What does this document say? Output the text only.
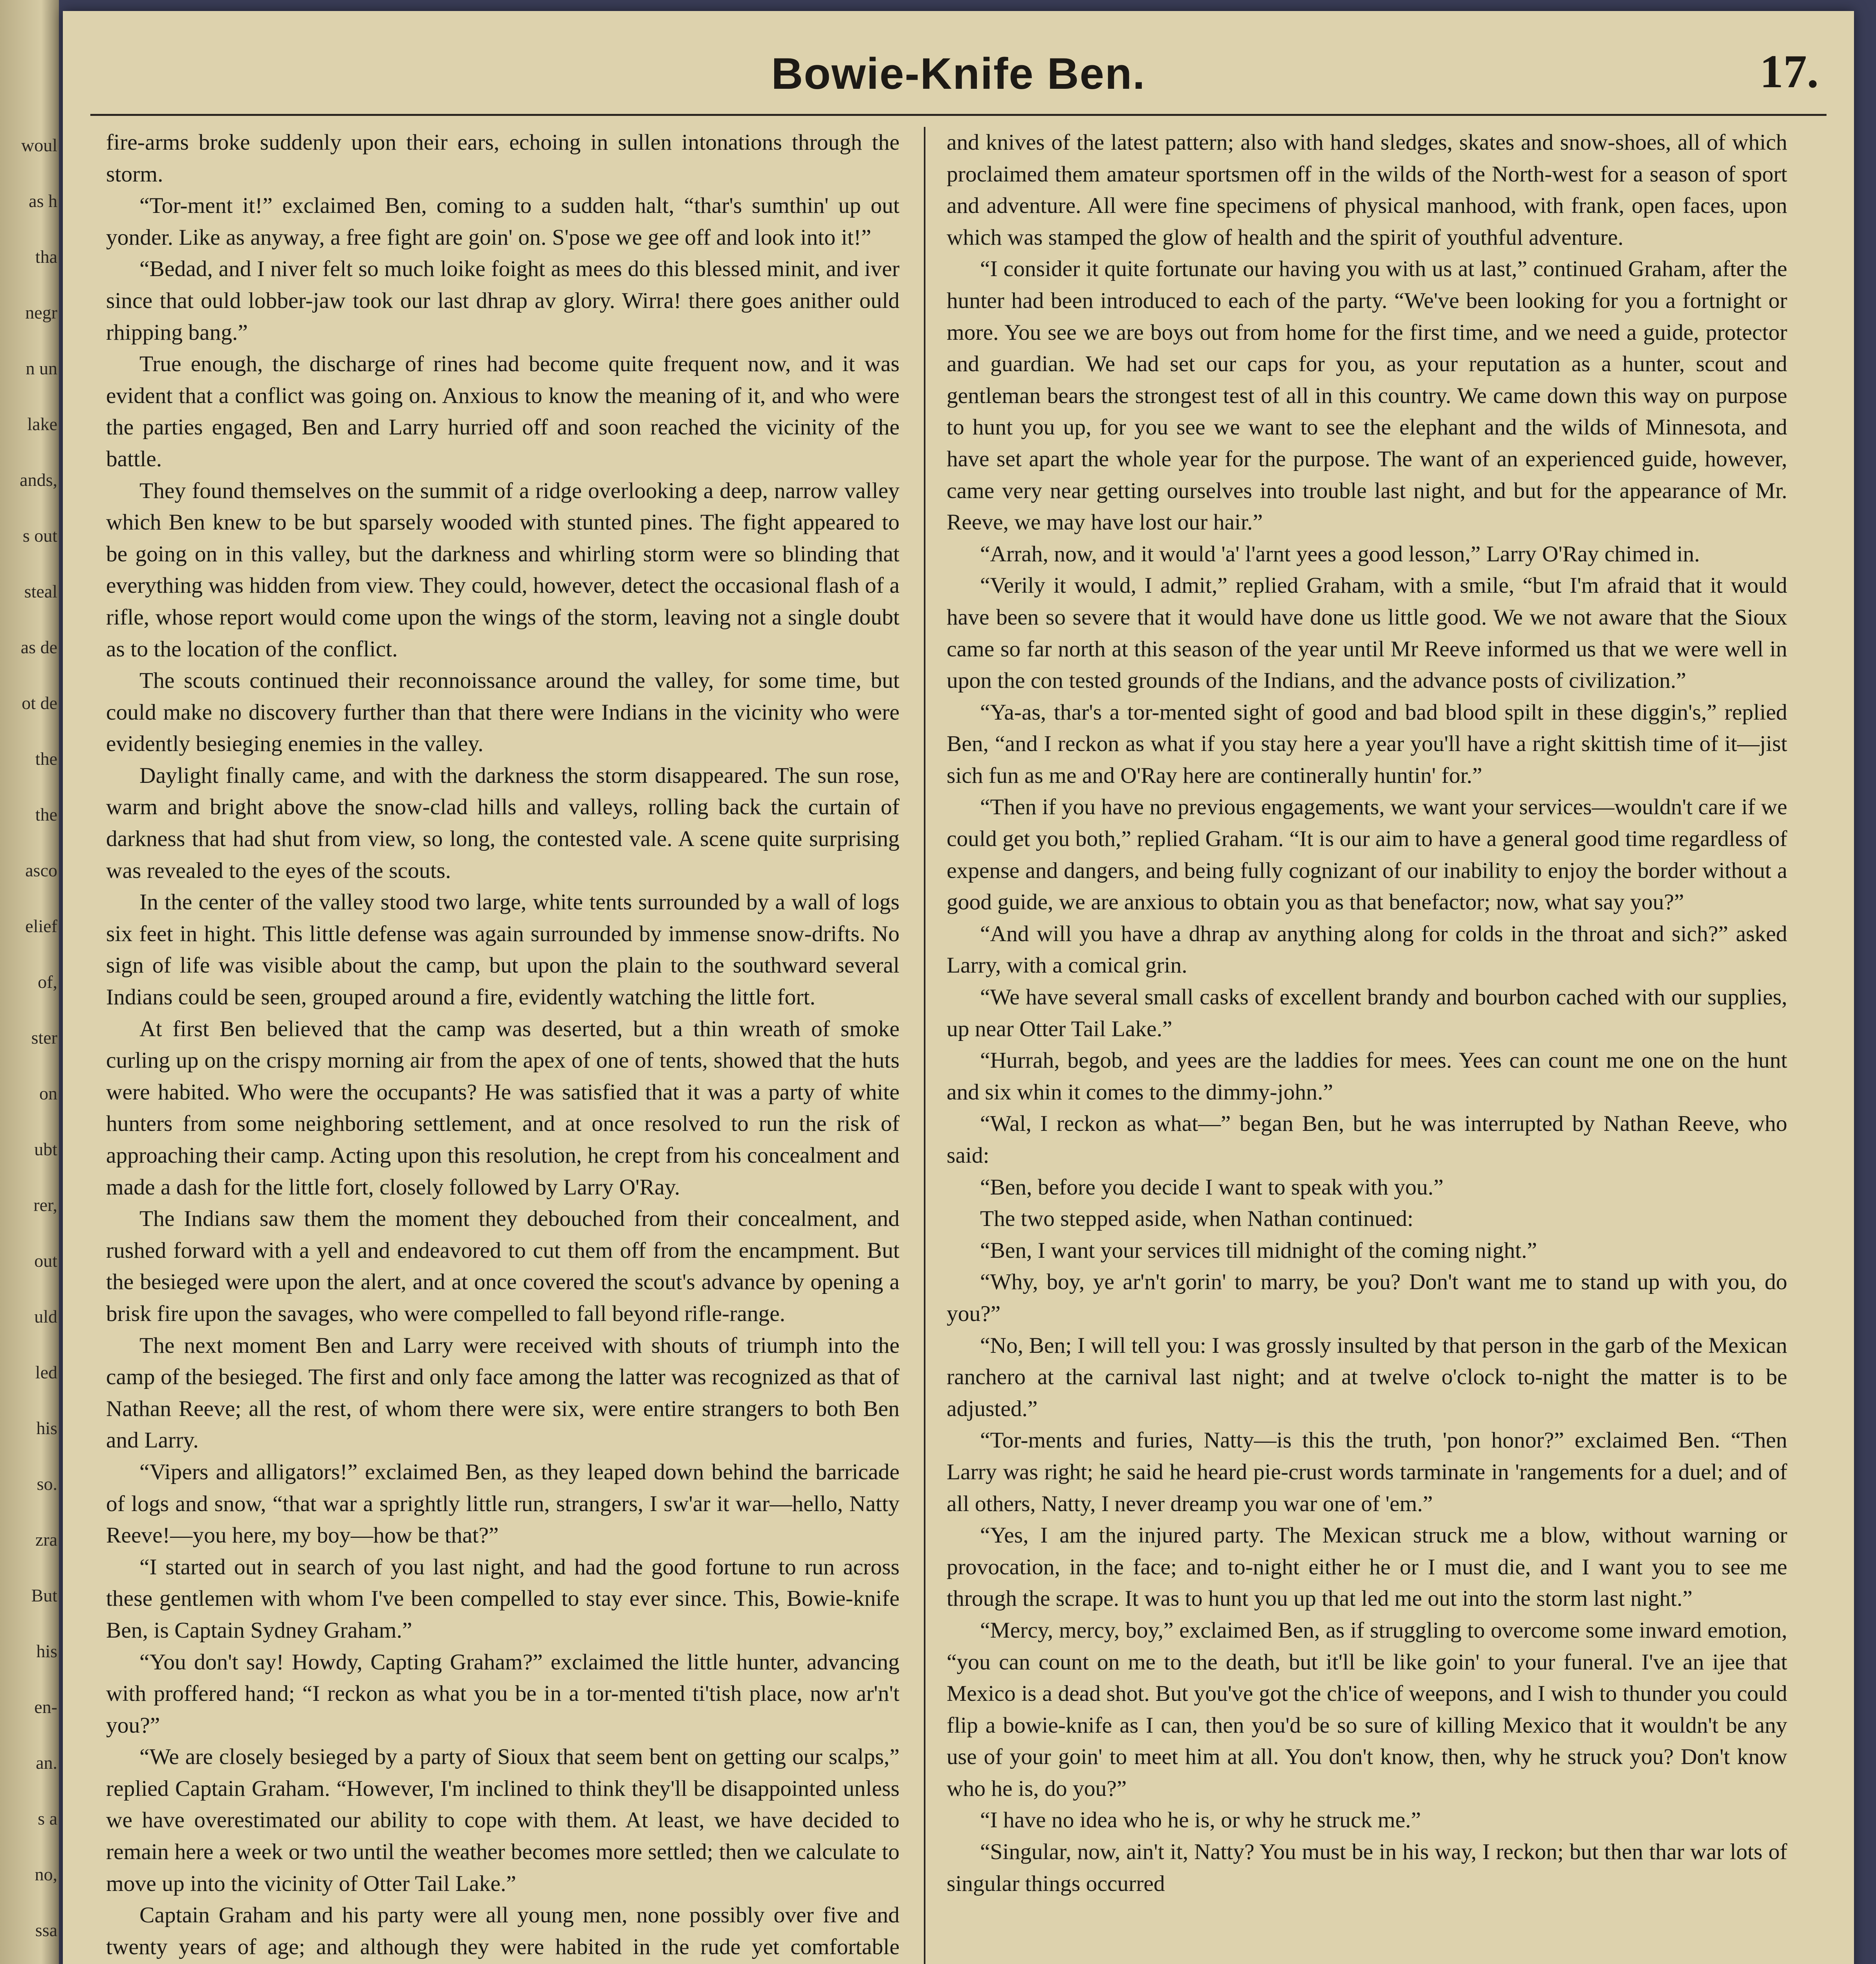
woul
as h
tha
negr
n un
lake
ands,
s out
steal
as de
ot de
the
the
asco
elief
of,
ster
on
ubt
rer,
out
uld
led
his
so.
zra
But
his
en-
an.
s a
no,
ssa
Bowie-Knife Ben.	17.

fire-arms broke suddenly upon their ears, echoing in sullen intonations through the storm.

“Tor-ment it!” exclaimed Ben, coming to a sudden halt, “thar's sumthin' up out yonder. Like as anyway, a free fight are goin' on. S'pose we gee off and look into it!”

“Bedad, and I niver felt so much loike foight as mees do this blessed minit, and iver since that ould lobber-jaw took our last dhrap av glory. Wirra! there goes anither ould rhipping bang.”

True enough, the discharge of rines had become quite frequent now, and it was evident that a conflict was going on. Anxious to know the meaning of it, and who were the parties engaged, Ben and Larry hurried off and soon reached the vicinity of the battle.

They found themselves on the summit of a ridge overlooking a deep, narrow valley which Ben knew to be but sparsely wooded with stunted pines. The fight appeared to be going on in this valley, but the darkness and whirling storm were so blinding that everything was hidden from view. They could, however, detect the occasional flash of a rifle, whose report would come upon the wings of the storm, leaving not a single doubt as to the location of the conflict.

The scouts continued their reconnoissance around the valley, for some time, but could make no discovery further than that there were Indians in the vicinity who were evidently besieging enemies in the valley.

Daylight finally came, and with the darkness the storm disappeared. The sun rose, warm and bright above the snow-clad hills and valleys, rolling back the curtain of darkness that had shut from view, so long, the contested vale. A scene quite surprising was revealed to the eyes of the scouts.

In the center of the valley stood two large, white tents surrounded by a wall of logs six feet in hight. This little defense was again surrounded by immense snow-drifts. No sign of life was visible about the camp, but upon the plain to the southward several Indians could be seen, grouped around a fire, evidently watching the little fort.

At first Ben believed that the camp was deserted, but a thin wreath of smoke curling up on the crispy morning air from the apex of one of tents, showed that the huts were habited. Who were the occupants? He was satisfied that it was a party of white hunters from some neighboring settlement, and at once resolved to run the risk of approaching their camp. Acting upon this resolution, he crept from his concealment and made a dash for the little fort, closely followed by Larry O'Ray.

The Indians saw them the moment they debouched from their concealment, and rushed forward with a yell and endeavored to cut them off from the encampment. But the besieged were upon the alert, and at once covered the scout's advance by opening a brisk fire upon the savages, who were compelled to fall beyond rifle-range.

The next moment Ben and Larry were received with shouts of triumph into the camp of the besieged. The first and only face among the latter was recognized as that of Nathan Reeve; all the rest, of whom there were six, were entire strangers to both Ben and Larry.

“Vipers and alligators!” exclaimed Ben, as they leaped down behind the barricade of logs and snow, “that war a sprightly little run, strangers, I sw'ar it war—hello, Natty Reeve!—you here, my boy—how be that?”

“I started out in search of you last night, and had the good fortune to run across these gentlemen with whom I've been compelled to stay ever since. This, Bowie-knife Ben, is Captain Sydney Graham.”

“You don't say! Howdy, Capting Graham?” exclaimed the little hunter, advancing with proffered hand; “I reckon as what you be in a tor-mented ti'tish place, now ar'n't you?”

“We are closely besieged by a party of Sioux that seem bent on getting our scalps,” replied Captain Graham. “However, I'm inclined to think they'll be disappointed unless we have overestimated our ability to cope with them. At least, we have decided to remain here a week or two until the weather becomes more settled; then we calculate to move up into the vicinity of Otter Tail Lake.”

Captain Graham and his party were all young men, none possibly over five and twenty years of age; and although they were habited in the rude yet comfortable

and knives of the latest pattern; also with hand sledges, skates and snow-shoes, all of which proclaimed them amateur sportsmen off in the wilds of the North-west for a season of sport and adventure. All were fine specimens of physical manhood, with frank, open faces, upon which was stamped the glow of health and the spirit of youthful adventure.

“I consider it quite fortunate our having you with us at last,” continued Graham, after the hunter had been introduced to each of the party. “We've been looking for you a fortnight or more. You see we are boys out from home for the first time, and we need a guide, protector and guardian. We had set our caps for you, as your reputation as a hunter, scout and gentleman bears the strongest test of all in this country. We came down this way on purpose to hunt you up, for you see we want to see the elephant and the wilds of Minnesota, and have set apart the whole year for the purpose. The want of an experienced guide, however, came very near getting ourselves into trouble last night, and but for the appearance of Mr. Reeve, we may have lost our hair.”

“Arrah, now, and it would 'a' l'arnt yees a good lesson,” Larry O'Ray chimed in.

“Verily it would, I admit,” replied Graham, with a smile, “but I'm afraid that it would have been so severe that it would have done us little good. We we not aware that the Sioux came so far north at this season of the year until Mr Reeve informed us that we were well in upon the con tested grounds of the Indians, and the advance posts of civilization.”

“Ya-as, thar's a tor-mented sight of good and bad blood spilt in these diggin's,” replied Ben, “and I reckon as what if you stay here a year you'll have a right skittish time of it—jist sich fun as me and O'Ray here are continerally huntin' for.”

“Then if you have no previous engagements, we want your services—wouldn't care if we could get you both,” replied Graham. “It is our aim to have a general good time regardless of expense and dangers, and being fully cognizant of our inability to enjoy the border without a good guide, we are anxious to obtain you as that benefactor; now, what say you?”

“And will you have a dhrap av anything along for colds in the throat and sich?” asked Larry, with a comical grin.

“We have several small casks of excellent brandy and bourbon cached with our supplies, up near Otter Tail Lake.”

“Hurrah, begob, and yees are the laddies for mees. Yees can count me one on the hunt and six whin it comes to the dimmy-john.”

“Wal, I reckon as what—” began Ben, but he was interrupted by Nathan Reeve, who said:

“Ben, before you decide I want to speak with you.”

The two stepped aside, when Nathan continued:

“Ben, I want your services till midnight of the coming night.”

“Why, boy, ye ar'n't gorin' to marry, be you? Don't want me to stand up with you, do you?”

“No, Ben; I will tell you: I was grossly insulted by that person in the garb of the Mexican ranchero at the carnival last night; and at twelve o'clock to-night the matter is to be adjusted.”

“Tor-ments and furies, Natty—is this the truth, 'pon honor?” exclaimed Ben. “Then Larry was right; he said he heard pie-crust words tarminate in 'rangements for a duel; and of all others, Natty, I never dreamp you war one of 'em.”

“Yes, I am the injured party. The Mexican struck me a blow, without warning or provocation, in the face; and to-night either he or I must die, and I want you to see me through the scrape. It was to hunt you up that led me out into the storm last night.”

“Mercy, mercy, boy,” exclaimed Ben, as if struggling to overcome some inward emotion, “you can count on me to the death, but it'll be like goin' to your funeral. I've an ijee that Mexico is a dead shot. But you've got the ch'ice of weepons, and I wish to thunder you could flip a bowie-knife as I can, then you'd be so sure of killing Mexico that it wouldn't be any use of your goin' to meet him at all. You don't know, then, why he struck you? Don't know who he is, do you?”

“I have no idea who he is, or why he struck me.”

“Singular, now, ain't it, Natty? You must be in his way, I reckon; but then thar war lots of singular things occurred
